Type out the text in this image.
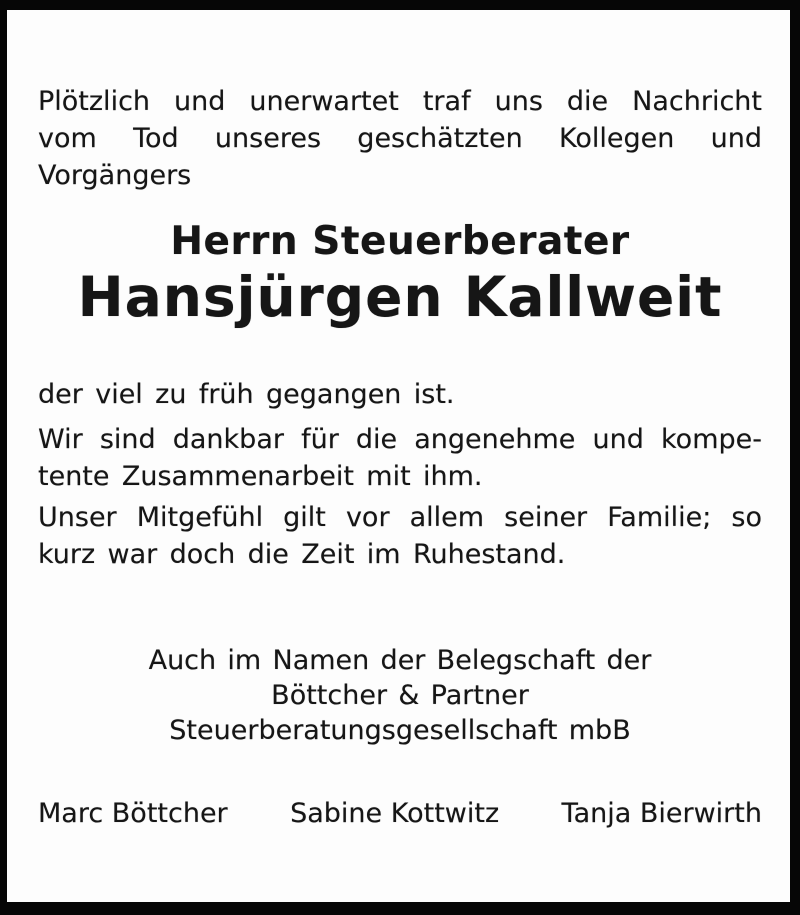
Plötzlich und unerwartet traf uns die Nachricht
vom Tod unseres geschätzten Kollegen und
Vorgängers
Herrn Steuerberater
Hansjürgen Kallweit
der viel zu früh gegangen ist.
Wir sind dankbar für die angenehme und kompe-
tente Zusammenarbeit mit ihm.
Unser Mitgefühl gilt vor allem seiner Familie; so
kurz war doch die Zeit im Ruhestand.
Auch im Namen der Belegschaft der
Böttcher & Partner
Steuerberatungsgesellschaft mbB
Marc Böttcher Sabine Kottwitz Tanja Bierwirth
